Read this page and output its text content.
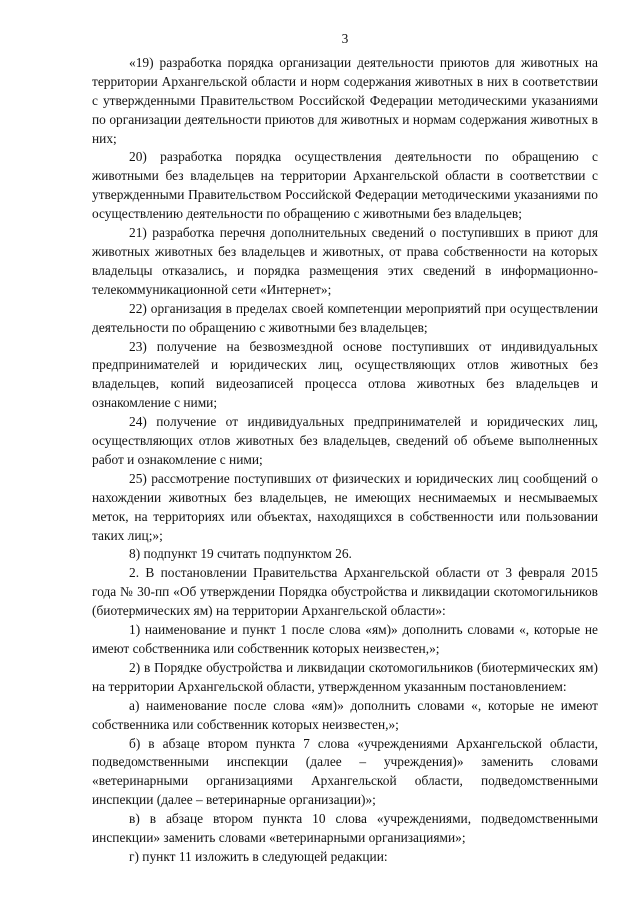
3

«19) разработка порядка организации деятельности приютов для животных на территории Архангельской области и норм содержания животных в них в соответствии с утвержденными Правительством Российской Федерации методическими указаниями по организации деятельности приютов для животных и нормам содержания животных в них;

20) разработка порядка осуществления деятельности по обращению с животными без владельцев на территории Архангельской области в соответствии с утвержденными Правительством Российской Федерации методическими указаниями по осуществлению деятельности по обращению с животными без владельцев;

21) разработка перечня дополнительных сведений о поступивших в приют для животных животных без владельцев и животных, от права собственности на которых владельцы отказались, и порядка размещения этих сведений в информационно-телекоммуникационной сети «Интернет»;

22) организация в пределах своей компетенции мероприятий при осуществлении деятельности по обращению с животными без владельцев;

23) получение на безвозмездной основе поступивших от индивидуальных предпринимателей и юридических лиц, осуществляющих отлов животных без владельцев, копий видеозаписей процесса отлова животных без владельцев и ознакомление с ними;

24) получение от индивидуальных предпринимателей и юридических лиц, осуществляющих отлов животных без владельцев, сведений об объеме выполненных работ и ознакомление с ними;

25) рассмотрение поступивших от физических и юридических лиц сообщений о нахождении животных без владельцев, не имеющих неснимаемых и несмываемых меток, на территориях или объектах, находящихся в собственности или пользовании таких лиц;»;

8) подпункт 19 считать подпунктом 26.

2. В постановлении Правительства Архангельской области от 3 февраля 2015 года № 30-пп «Об утверждении Порядка обустройства и ликвидации скотомогильников (биотермических ям) на территории Архангельской области»:

1) наименование и пункт 1 после слова «ям)» дополнить словами «, которые не имеют собственника или собственник которых неизвестен,»;

2) в Порядке обустройства и ликвидации скотомогильников (биотермических ям) на территории Архангельской области, утвержденном указанным постановлением:

а) наименование после слова «ям)» дополнить словами «, которые не имеют собственника или собственник которых неизвестен,»;

б) в абзаце втором пункта 7 слова «учреждениями Архангельской области, подведомственными инспекции (далее – учреждения)» заменить словами «ветеринарными организациями Архангельской области, подведомственными инспекции (далее – ветеринарные организации)»;

в) в абзаце втором пункта 10 слова «учреждениями, подведомственными инспекции» заменить словами «ветеринарными организациями»;

г) пункт 11 изложить в следующей редакции:
